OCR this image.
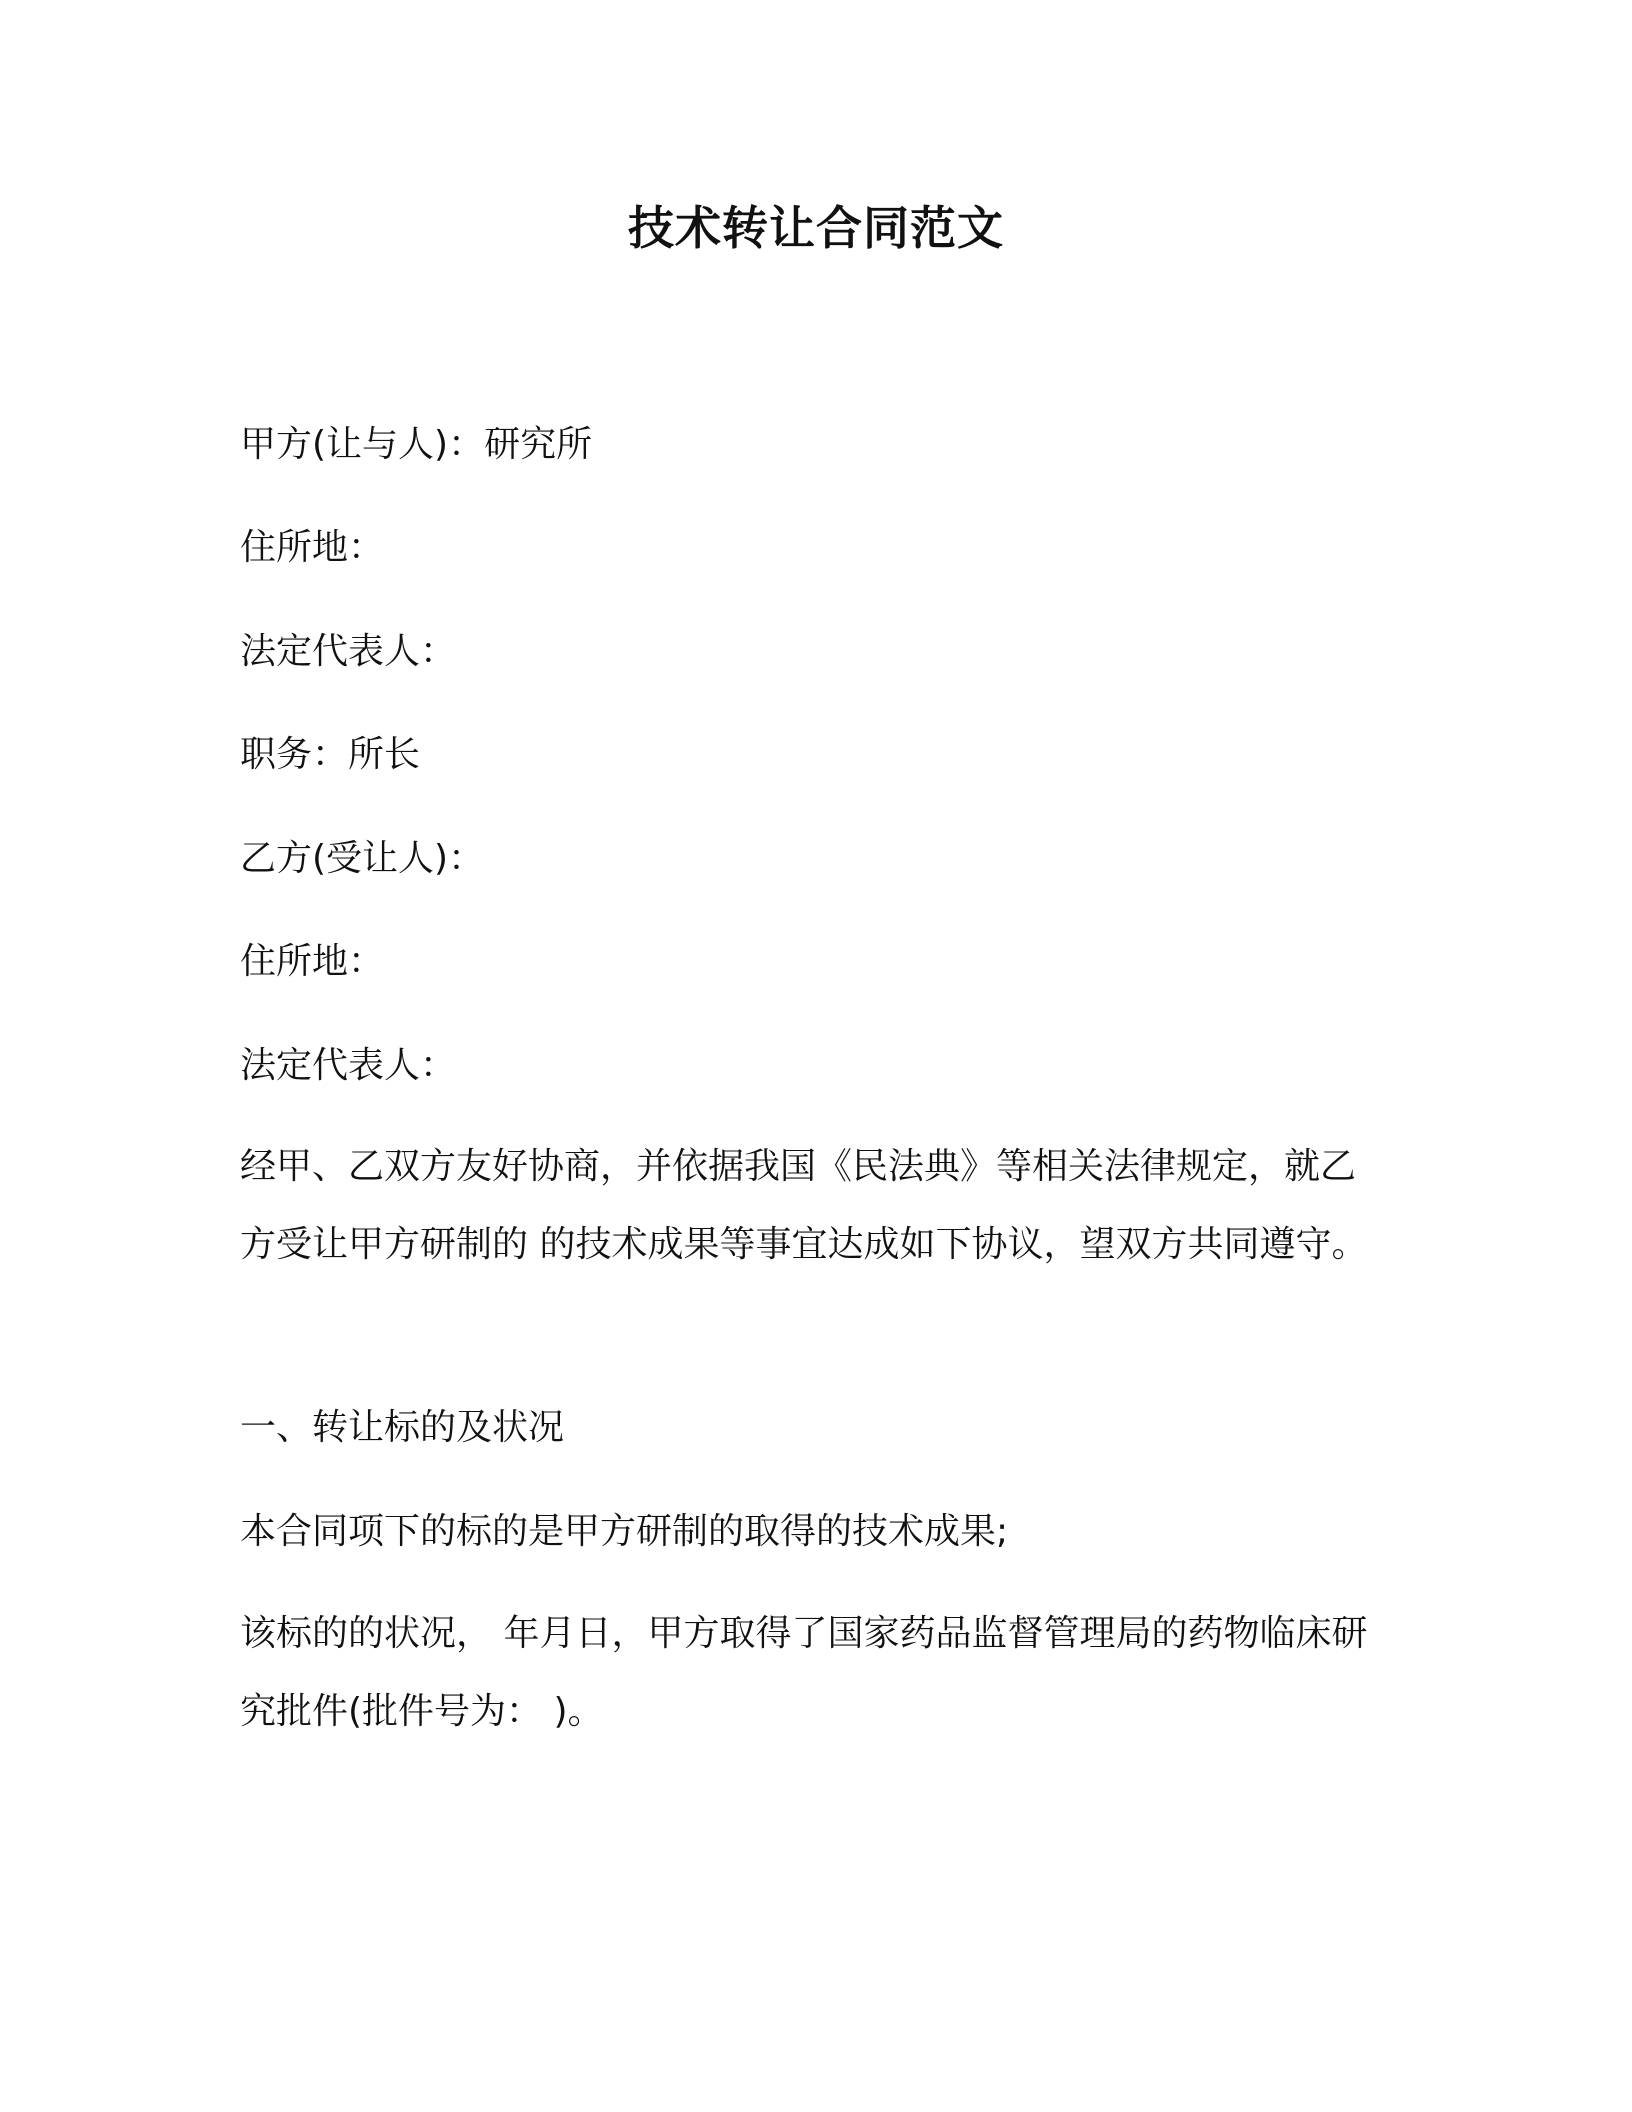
技术转让合同范文
甲方(让与人)：研究所
住所地：
法定代表人：
职务：所长
乙方(受让人)：
住所地：
法定代表人：
经甲、乙双方友好协商，并依据我国《民法典》等相关法律规定，就乙方受让甲方研制的 的技术成果等事宜达成如下协议，望双方共同遵守。
一、转让标的及状况
本合同项下的标的是甲方研制的取得的技术成果;
该标的的状况， 年月日，甲方取得了国家药品监督管理局的药物临床研究批件(批件号为： )。
